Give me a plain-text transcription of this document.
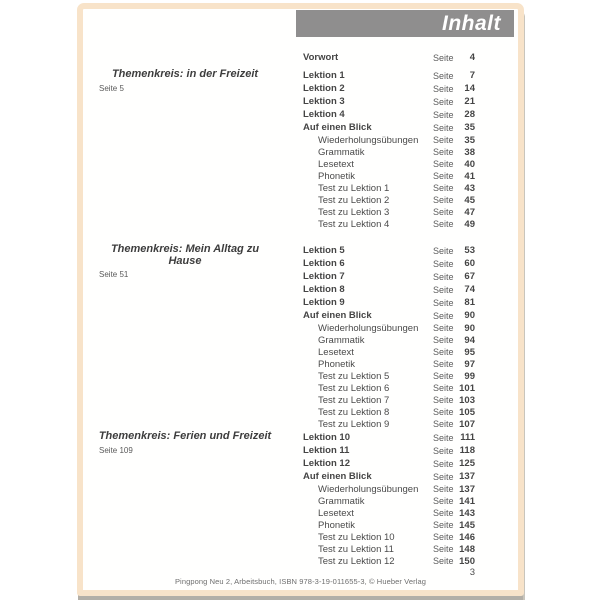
Inhalt
Themenkreis: in der Freizeit
Seite 5
Themenkreis: Mein Alltag zu
Hause
Seite 51
Themenkreis: Ferien und Freizeit
Seite 109
Vorwort	Seite	4
Lektion 1	Seite	7
Lektion 2	Seite	14
Lektion 3	Seite	21
Lektion 4	Seite	28
Auf einen Blick	Seite	35
Wiederholungsübungen	Seite	35
Grammatik	Seite	38
Lesetext	Seite	40
Phonetik	Seite	41
Test zu Lektion 1	Seite	43
Test zu Lektion 2	Seite	45
Test zu Lektion 3	Seite	47
Test zu Lektion 4	Seite	49
Lektion 5	Seite	53
Lektion 6	Seite	60
Lektion 7	Seite	67
Lektion 8	Seite	74
Lektion 9	Seite	81
Auf einen Blick	Seite	90
Wiederholungsübungen	Seite	90
Grammatik	Seite	94
Lesetext	Seite	95
Phonetik	Seite	97
Test zu Lektion 5	Seite	99
Test zu Lektion 6	Seite 101
Test zu Lektion 7	Seite 103
Test zu Lektion 8	Seite 105
Test zu Lektion 9	Seite 107
Lektion 10	Seite 111
Lektion 11	Seite 118
Lektion 12	Seite 125
Auf einen Blick	Seite 137
Wiederholungsübungen	Seite 137
Grammatik	Seite 141
Lesetext	Seite 143
Phonetik	Seite 145
Test zu Lektion 10	Seite 146
Test zu Lektion 11	Seite 148
Test zu Lektion 12	Seite 150
Pingpong Neu 2, Arbeitsbuch, ISBN 978-3-19-011655-3, © Hueber Verlag
3
